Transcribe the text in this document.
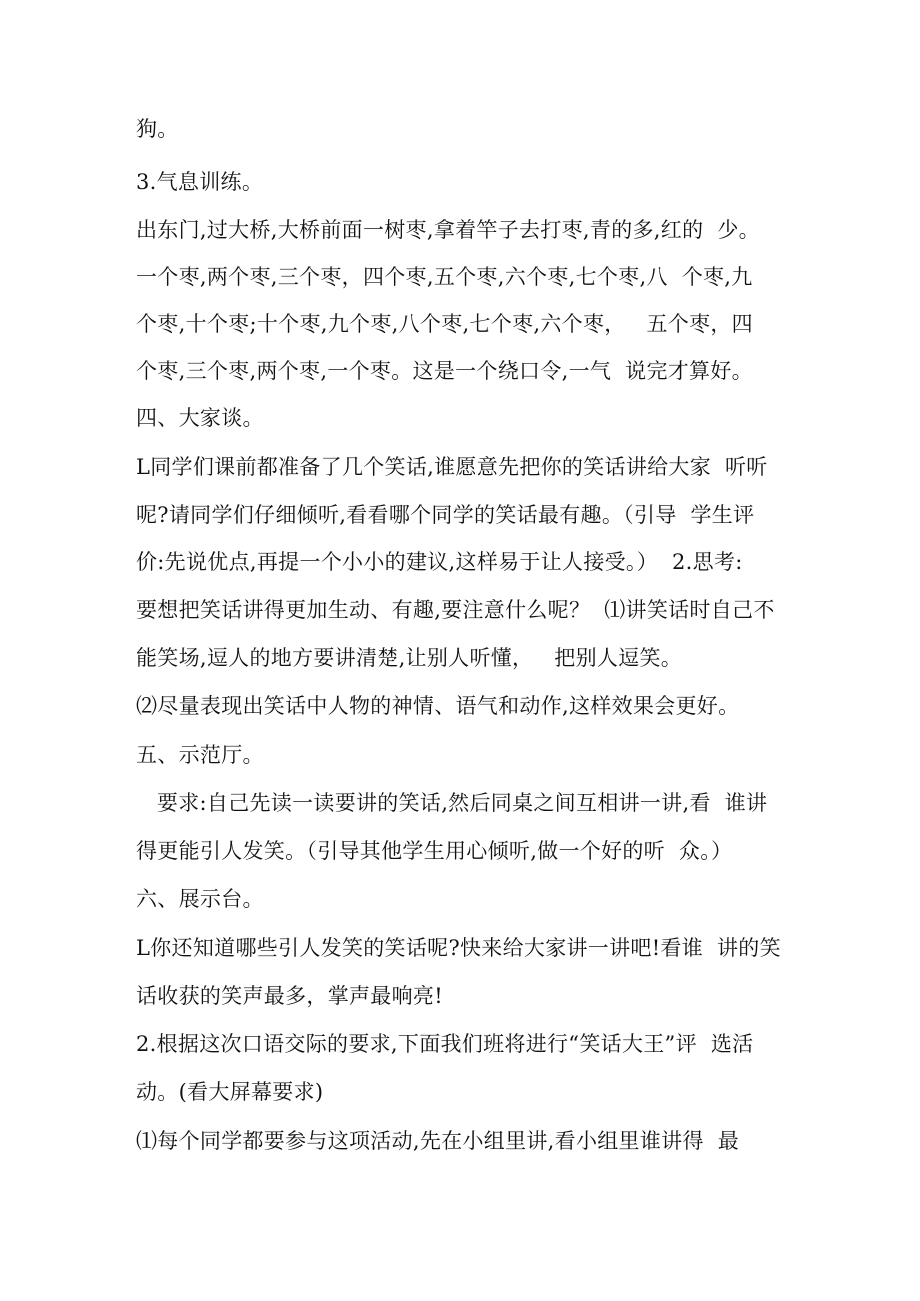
狗。
3.气息训练。
出东门,过大桥,大桥前面一树枣,拿着竿子去打枣,青的多,红的  少。
一个枣,两个枣,三个枣，四个枣,五个枣,六个枣,七个枣,八  个枣,九
个枣,十个枣;十个枣,九个枣,八个枣,七个枣,六个枣，   五个枣，四
个枣,三个枣,两个枣,一个枣。这是一个绕口令,一气  说完才算好。
四、大家谈。
L同学们课前都准备了几个笑话,谁愿意先把你的笑话讲给大家  听听
呢?请同学们仔细倾听,看看哪个同学的笑话最有趣。（引导  学生评
价:先说优点,再提一个小小的建议,这样易于让人接受。）  2.思考:
要想把笑话讲得更加生动、有趣,要注意什么呢？  ⑴讲笑话时自己不
能笑场,逗人的地方要讲清楚,让别人听懂，   把别人逗笑。
⑵尽量表现出笑话中人物的神情、语气和动作,这样效果会更好。
五、示范厅。
要求:自己先读一读要讲的笑话,然后同桌之间互相讲一讲,看  谁讲
得更能引人发笑。（引导其他学生用心倾听,做一个好的听  众。）
六、展示台。
L你还知道哪些引人发笑的笑话呢?快来给大家讲一讲吧!看谁  讲的笑
话收获的笑声最多，掌声最响亮!
2.根据这次口语交际的要求,下面我们班将进行“笑话大王”评  选活
动。(看大屏幕要求)
⑴每个同学都要参与这项活动,先在小组里讲,看小组里谁讲得  最
